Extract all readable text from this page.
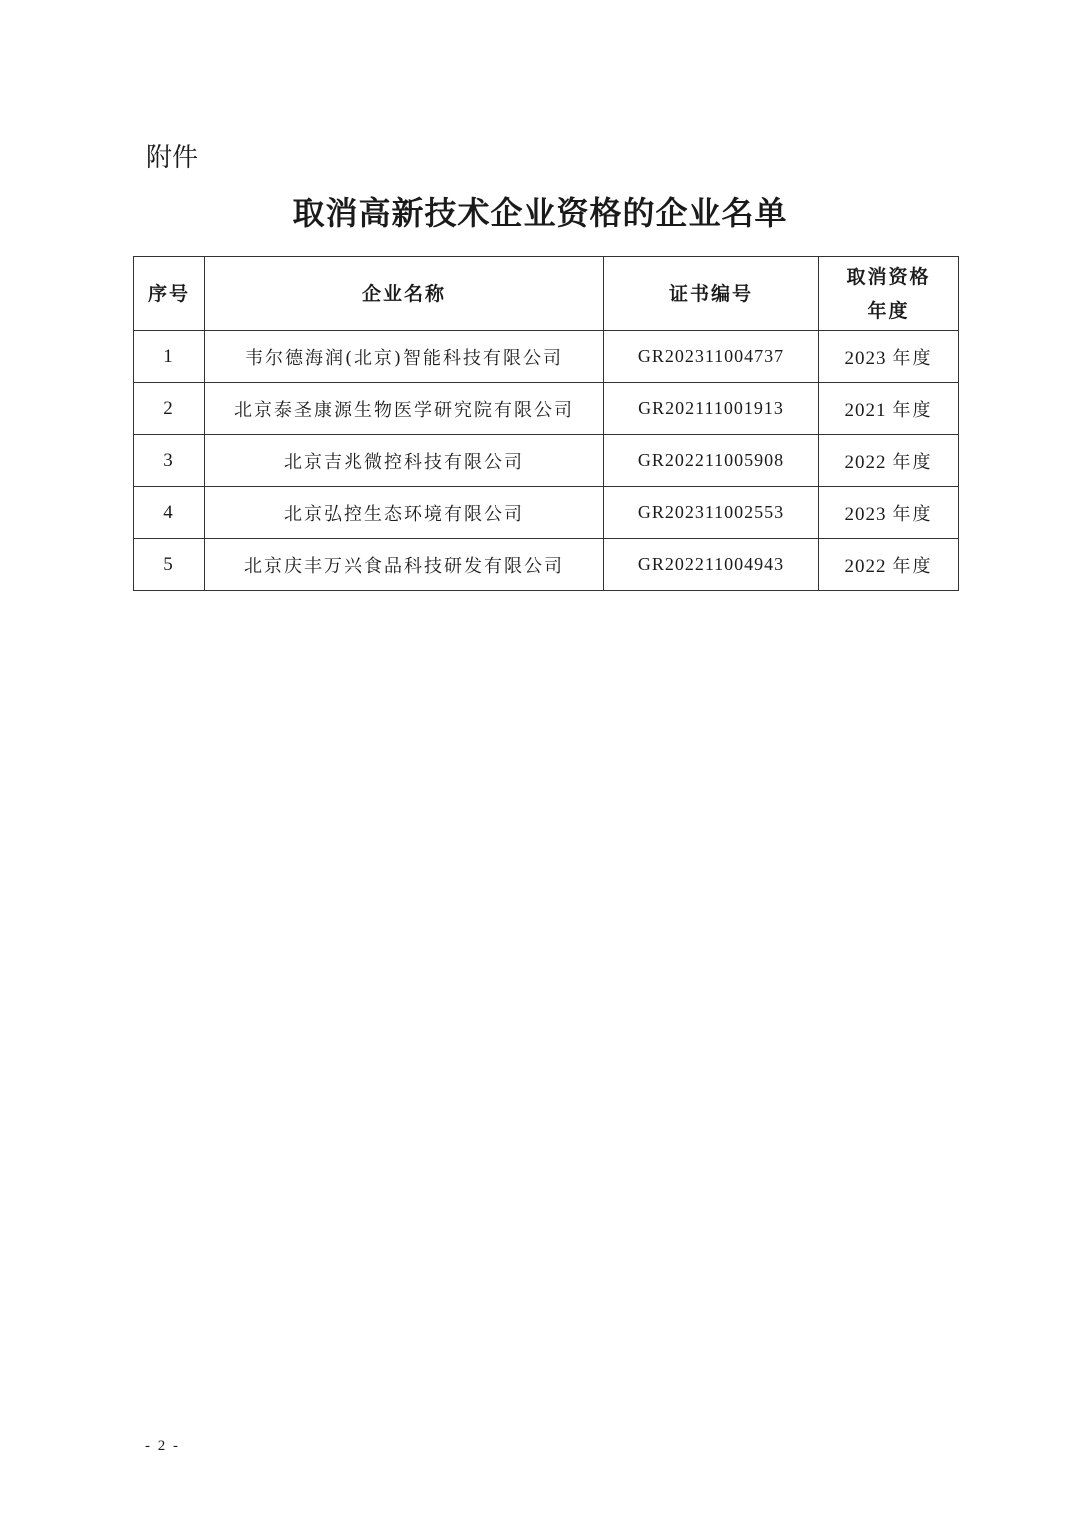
附件
取消高新技术企业资格的企业名单
序号	企业名称	证书编号	取消资格
年度

1	韦尔德海润(北京)智能科技有限公司	GR202311004737	2023 年度
2	北京泰圣康源生物医学研究院有限公司	GR202111001913	2021 年度
3	北京吉兆微控科技有限公司	GR202211005908	2022 年度
4	北京弘控生态环境有限公司	GR202311002553	2023 年度
5	北京庆丰万兴食品科技研发有限公司	GR202211004943	2022 年度
- 2 -
